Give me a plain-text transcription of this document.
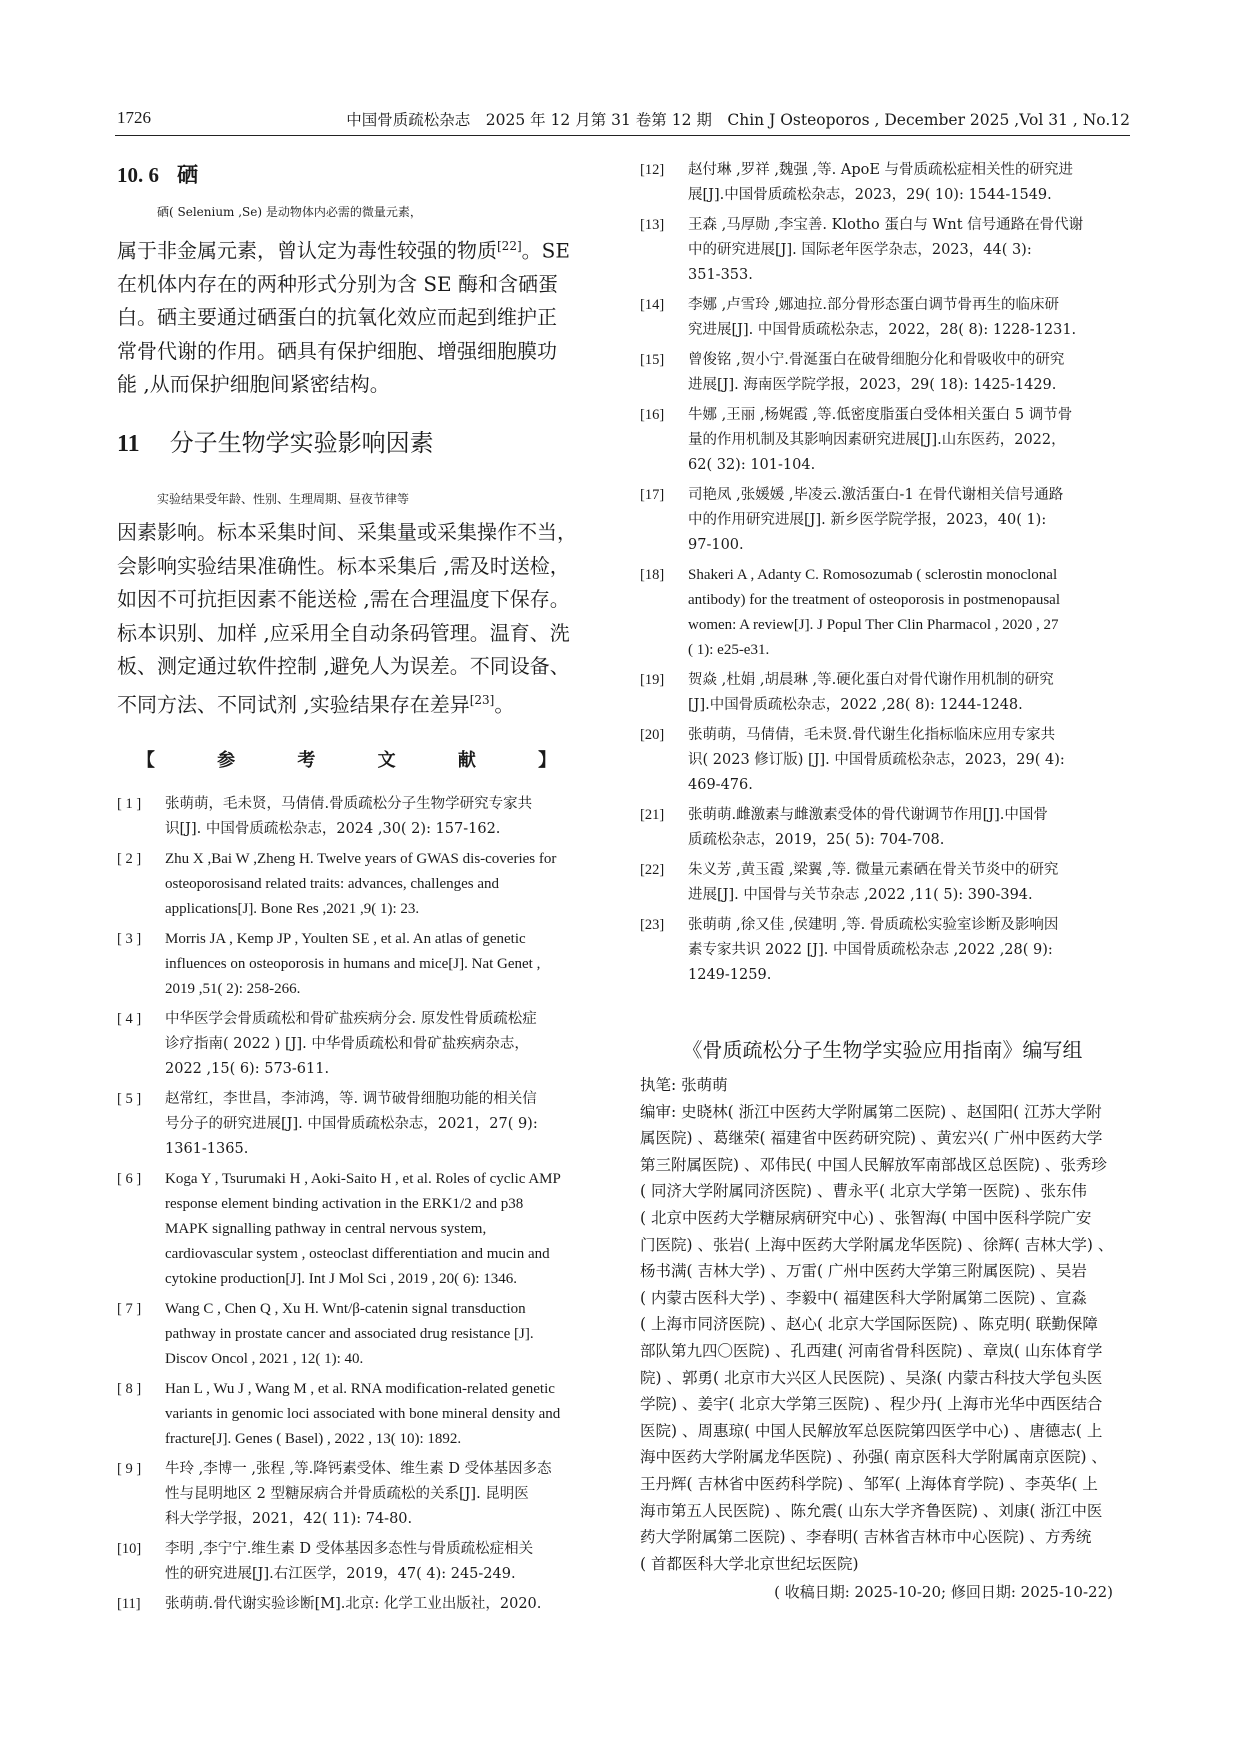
1726	中国骨质疏松杂志　2025 年 12 月第 31 卷第 12 期　Chin J Osteoporos , December 2025 ,Vol 31 , No.12
10. 6 硒

硒( Selenium ,Se) 是动物体内必需的微量元素，
属于非金属元素，曾认定为毒性较强的物质[22]。SE
在机体内存在的两种形式分别为含 SE 酶和含硒蛋
白。硒主要通过硒蛋白的抗氧化效应而起到维护正
常骨代谢的作用。硒具有保护细胞、增强细胞膜功
能 ,从而保护细胞间紧密结构。

11 分子生物学实验影响因素

实验结果受年龄、性别、生理周期、昼夜节律等
因素影响。标本采集时间、采集量或采集操作不当，
会影响实验结果准确性。标本采集后 ,需及时送检，
如因不可抗拒因素不能送检 ,需在合理温度下保存。
标本识别、加样 ,应采用全自动条码管理。温育、洗
板、测定通过软件控制 ,避免人为误差。不同设备、
不同方法、不同试剂 ,实验结果存在差异[23]。

【 参 考 文 献 】
[ 1 ]	张萌萌，毛未贤，马倩倩.骨质疏松分子生物学研究专家共
识[J]. 中国骨质疏松杂志，2024 ,30( 2): 157-162.
[ 2 ]	Zhu X ,Bai W ,Zheng H. Twelve years of GWAS dis-coveries for
osteoporosisand related traits: advances, challenges and
applications[J]. Bone Res ,2021 ,9( 1): 23.
[ 3 ]	Morris JA , Kemp JP , Youlten SE , et al. An atlas of genetic
influences on osteoporosis in humans and mice[J]. Nat Genet ,
2019 ,51( 2): 258-266.
[ 4 ]	中华医学会骨质疏松和骨矿盐疾病分会. 原发性骨质疏松症
诊疗指南( 2022 ) [J]. 中华骨质疏松和骨矿盐疾病杂志，
2022 ,15( 6): 573-611.
[ 5 ]	赵常红，李世昌，李沛鸿，等. 调节破骨细胞功能的相关信
号分子的研究进展[J]. 中国骨质疏松杂志，2021，27( 9):
1361-1365.
[ 6 ]	Koga Y , Tsurumaki H , Aoki-Saito H , et al. Roles of cyclic AMP
response element binding activation in the ERK1/2 and p38
MAPK signalling pathway in central nervous system,
cardiovascular system , osteoclast differentiation and mucin and
cytokine production[J]. Int J Mol Sci , 2019 , 20( 6): 1346.
[ 7 ]	Wang C , Chen Q , Xu H. Wnt/β-catenin signal transduction
pathway in prostate cancer and associated drug resistance [J].
Discov Oncol , 2021 , 12( 1): 40.
[ 8 ]	Han L , Wu J , Wang M , et al. RNA modification-related genetic
variants in genomic loci associated with bone mineral density and
fracture[J]. Genes ( Basel) , 2022 , 13( 10): 1892.
[ 9 ]	牛玲 ,李博一 ,张程 ,等.降钙素受体、维生素 D 受体基因多态
性与昆明地区 2 型糖尿病合并骨质疏松的关系[J]. 昆明医
科大学学报，2021，42( 11): 74-80.
[10]	李明 ,李宁宁.维生素 D 受体基因多态性与骨质疏松症相关
性的研究进展[J].右江医学，2019，47( 4): 245-249.
[11]	张萌萌.骨代谢实验诊断[M].北京: 化学工业出版社，2020.
[12]	赵付琳 ,罗祥 ,魏强 ,等. ApoE 与骨质疏松症相关性的研究进
展[J].中国骨质疏松杂志，2023，29( 10): 1544-1549.
[13]	王森 ,马厚勋 ,李宝善. Klotho 蛋白与 Wnt 信号通路在骨代谢
中的研究进展[J]. 国际老年医学杂志，2023，44( 3):
351-353.
[14]	李娜 ,卢雪玲 ,娜迪拉.部分骨形态蛋白调节骨再生的临床研
究进展[J]. 中国骨质疏松杂志，2022，28( 8): 1228-1231.
[15]	曾俊铭 ,贺小宁.骨涎蛋白在破骨细胞分化和骨吸收中的研究
进展[J]. 海南医学院学报，2023，29( 18): 1425-1429.
[16]	牛娜 ,王丽 ,杨娓霞 ,等.低密度脂蛋白受体相关蛋白 5 调节骨
量的作用机制及其影响因素研究进展[J].山东医药，2022，
62( 32): 101-104.
[17]	司艳凤 ,张媛媛 ,毕凌云.激活蛋白-1 在骨代谢相关信号通路
中的作用研究进展[J]. 新乡医学院学报，2023，40( 1):
97-100.
[18]	Shakeri A , Adanty C. Romosozumab ( sclerostin monoclonal
antibody) for the treatment of osteoporosis in postmenopausal
women: A review[J]. J Popul Ther Clin Pharmacol , 2020 , 27
( 1): e25-e31.
[19]	贺焱 ,杜娟 ,胡晨琳 ,等.硬化蛋白对骨代谢作用机制的研究
[J].中国骨质疏松杂志，2022 ,28( 8): 1244-1248.
[20]	张萌萌，马倩倩，毛未贤.骨代谢生化指标临床应用专家共
识( 2023 修订版) [J]. 中国骨质疏松杂志，2023，29( 4):
469-476.
[21]	张萌萌.雌激素与雌激素受体的骨代谢调节作用[J].中国骨
质疏松杂志，2019，25( 5): 704-708.
[22]	朱义芳 ,黄玉霞 ,梁翼 ,等. 微量元素硒在骨关节炎中的研究
进展[J]. 中国骨与关节杂志 ,2022 ,11( 5): 390-394.
[23]	张萌萌 ,徐又佳 ,侯建明 ,等. 骨质疏松实验室诊断及影响因
素专家共识 2022 [J]. 中国骨质疏松杂志 ,2022 ,28( 9):
1249-1259.
《骨质疏松分子生物学实验应用指南》编写组
执笔: 张萌萌
编审: 史晓林( 浙江中医药大学附属第二医院) 、赵国阳( 江苏大学附
属医院) 、葛继荣( 福建省中医药研究院) 、黄宏兴( 广州中医药大学
第三附属医院) 、邓伟民( 中国人民解放军南部战区总医院) 、张秀珍
( 同济大学附属同济医院) 、曹永平( 北京大学第一医院) 、张东伟
( 北京中医药大学糖尿病研究中心) 、张智海( 中国中医科学院广安
门医院) 、张岩( 上海中医药大学附属龙华医院) 、徐辉( 吉林大学) 、
杨书满( 吉林大学) 、万雷( 广州中医药大学第三附属医院) 、吴岩
( 内蒙古医科大学) 、李毅中( 福建医科大学附属第二医院) 、宣淼
( 上海市同济医院) 、赵心( 北京大学国际医院) 、陈克明( 联勤保障
部队第九四〇医院) 、孔西建( 河南省骨科医院) 、章岚( 山东体育学
院) 、郭勇( 北京市大兴区人民医院) 、吴涤( 内蒙古科技大学包头医
学院) 、姜宇( 北京大学第三医院) 、程少丹( 上海市光华中西医结合
医院) 、周惠琼( 中国人民解放军总医院第四医学中心) 、唐德志( 上
海中医药大学附属龙华医院) 、孙强( 南京医科大学附属南京医院) 、
王丹辉( 吉林省中医药科学院) 、邹军( 上海体育学院) 、李英华( 上
海市第五人民医院) 、陈允震( 山东大学齐鲁医院) 、刘康( 浙江中医
药大学附属第二医院) 、李春明( 吉林省吉林市中心医院) 、方秀统
( 首都医科大学北京世纪坛医院)
( 收稿日期: 2025-10-20; 修回日期: 2025-10-22)
